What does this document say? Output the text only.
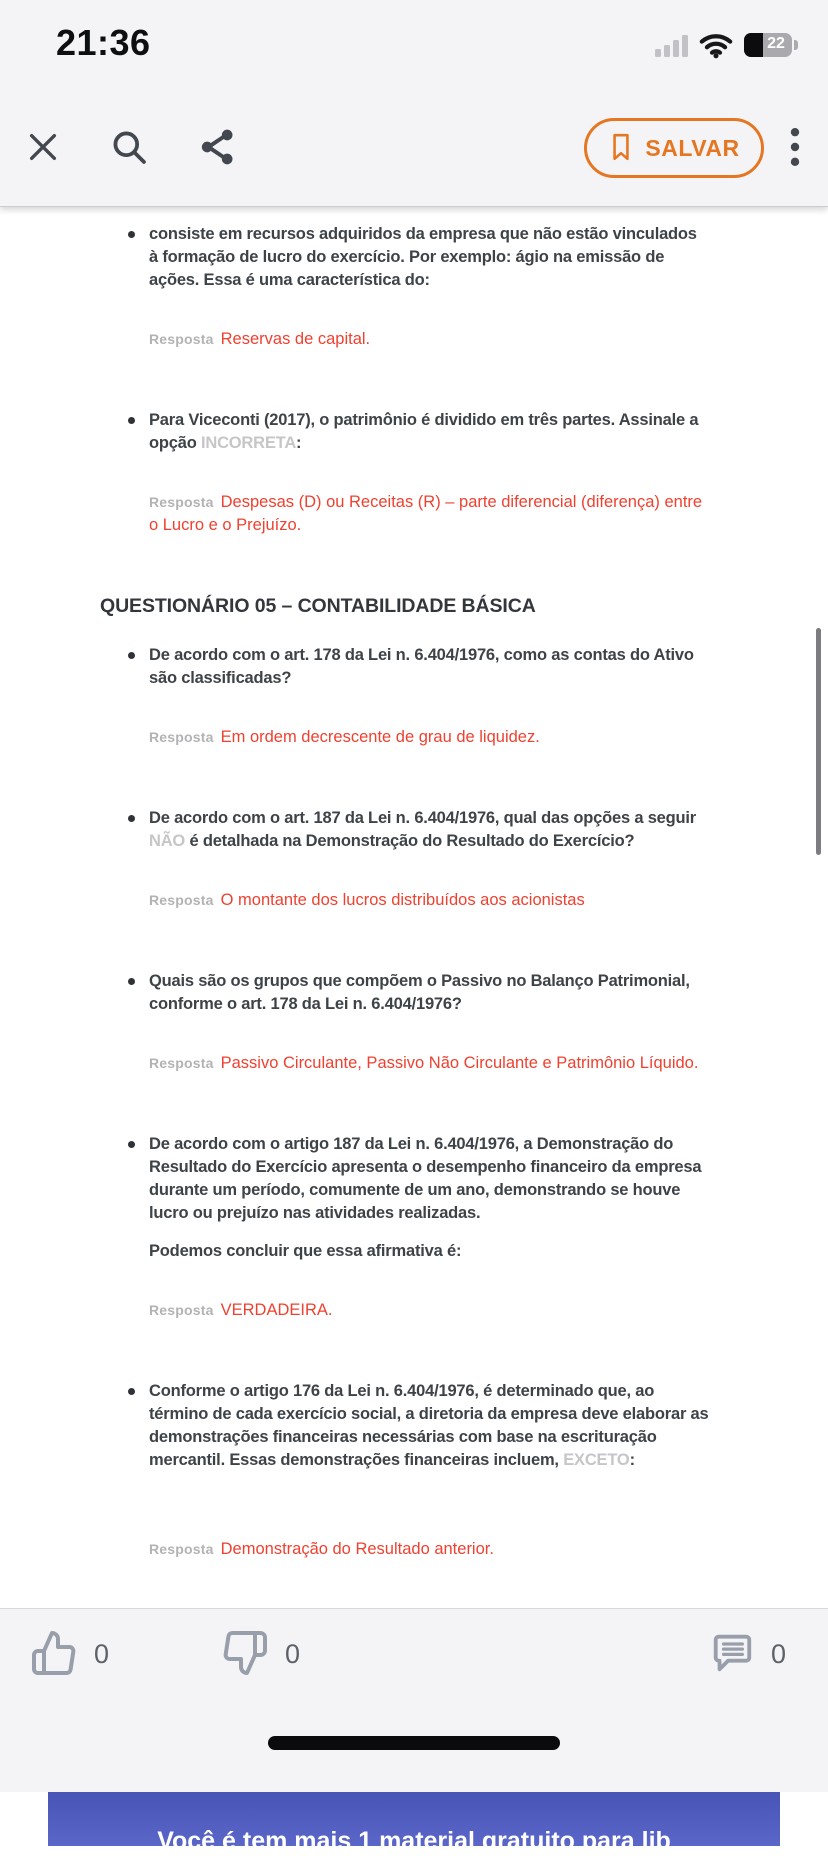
21:36	22
SALVAR
consiste em recursos adquiridos da empresa que não estão vinculados à formação de lucro do exercício. Por exemplo: ágio na emissão de ações. Essa é uma característica do:
Resposta Reservas de capital.
Para Viceconti (2017), o patrimônio é dividido em três partes. Assinale a opção INCORRETA:
Resposta Despesas (D) ou Receitas (R) – parte diferencial (diferença) entre o Lucro e o Prejuízo.
QUESTIONÁRIO 05 – CONTABILIDADE BÁSICA
De acordo com o art. 178 da Lei n. 6.404/1976, como as contas do Ativo são classificadas?
Resposta Em ordem decrescente de grau de liquidez.
De acordo com o art. 187 da Lei n. 6.404/1976, qual das opções a seguir NÃO é detalhada na Demonstração do Resultado do Exercício?
Resposta O montante dos lucros distribuídos aos acionistas
Quais são os grupos que compõem o Passivo no Balanço Patrimonial, conforme o art. 178 da Lei n. 6.404/1976?
Resposta Passivo Circulante, Passivo Não Circulante e Patrimônio Líquido.
De acordo com o artigo 187 da Lei n. 6.404/1976, a Demonstração do Resultado do Exercício apresenta o desempenho financeiro da empresa durante um período, comumente de um ano, demonstrando se houve lucro ou prejuízo nas atividades realizadas.
Podemos concluir que essa afirmativa é:
Resposta VERDADEIRA.
Conforme o artigo 176 da Lei n. 6.404/1976, é determinado que, ao término de cada exercício social, a diretoria da empresa deve elaborar as demonstrações financeiras necessárias com base na escrituração mercantil. Essas demonstrações financeiras incluem, EXCETO:
Resposta Demonstração do Resultado anterior.
Você é tem mais 1 material gratuito para lib
0	0	0
